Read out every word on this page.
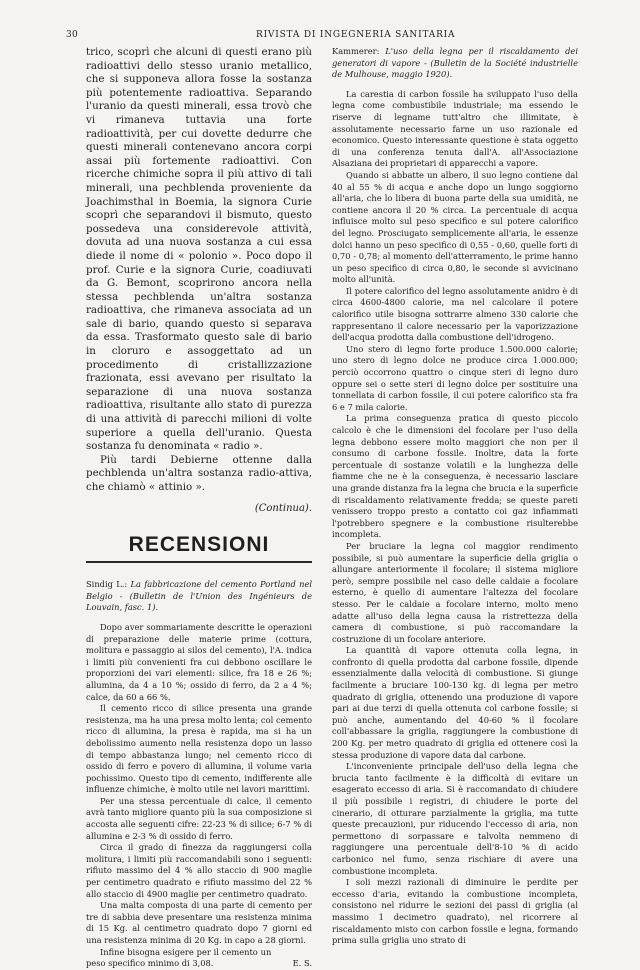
30	RIVISTA DI INGEGNERIA SANITARIA

trico, scoprì che alcuni di questi erano più radioattivi dello stesso uranio metallico, che si supponeva allora fosse la sostanza più potentemente radioattiva. Separando l'uranio da questi minerali, essa trovò che vi rimaneva tuttavia una forte radioattività, per cui dovette dedurre che questi minerali contenevano ancora corpi assai più fortemente radioattivi. Con ricerche chimiche sopra il più attivo di tali minerali, una pechblenda proveniente da Joachimsthal in Boemia, la signora Curie scoprì che separandovi il bismuto, questo possedeva una considerevole attività, dovuta ad una nuova sostanza a cui essa diede il nome di « polonio ». Poco dopo il prof. Curie e la signora Curie, coadiuvati da G. Bemont, scoprirono ancora nella stessa pechblenda un'altra sostanza radioattiva, che rimaneva associata ad un sale di bario, quando questo si separava da essa. Trasformato questo sale di bario in cloruro e assoggettato ad un procedimento di cristallizzazione frazionata, essi avevano per risultato la separazione di una nuova sostanza radioattiva, risultante allo stato di purezza di una attività di parecchi milioni di volte superiore a quella dell'uranio. Questa sostanza fu denominata « radio ».

Più tardi Debierne ottenne dalla pechblenda un'altra sostanza radio-attiva, che chiamò « attinio ».

(Continua).
RECENSIONI

Sindig L.: La fabbricazione del cemento Portland nel Belgio - (Bulletin de l'Union des Ingénieurs de Louvain, fasc. 1).

Dopo aver sommariamente descritte le operazioni di preparazione delle materie prime (cottura, molitura e passaggio ai silos del cemento), l'A. indica i limiti più convenienti fra cui debbono oscillare le proporzioni dei vari elementi: silice, fra 18 e 26 %; allumina, da 4 a 10 %; ossido di ferro, da 2 a 4 %; calce, da 60 a 66 %.

Il cemento ricco di silice presenta una grande resistenza, ma ha una presa molto lenta; col cemento ricco di allumina, la presa è rapida, ma si ha un debolissimo aumento nella resistenza dopo un lasso di tempo abbastanza lungo; nel cemento ricco di ossido di ferro e povero di allumina, il volume varia pochissimo. Questo tipo di cemento, indifferente alle influenze chimiche, è molto utile nei lavori marittimi.

Per una stessa percentuale di calce, il cemento avrà tanto migliore quanto più la sua composizione si accosta alle seguenti cifre: 22-23 % di silice; 6-7 % di allumina e 2-3 % di ossido di ferro.

Circa il grado di finezza da raggiungersi colla molitura, i limiti più raccomandabili sono i seguenti: rifiuto massimo del 4 % allo staccio di 900 maglie per centimetro quadrato e rifiuto massimo del 22 % allo staccio di 4900 maglie per centimetro quadrato.

Una malta composta di una parte di cemento per tre di sabbia deve presentare una resistenza minima di 15 Kg. al centimetro quadrato dopo 7 giorni ed una resistenza minima di 20 Kg. in capo a 28 giorni.

Infine bisogna esigere per il cemento un peso specifico minimo di 3,08.	E. S.

Kammerer: L'uso della legna per il riscaldamento dei generatori di vapore - (Bulletin de la Société industrielle de Mulhouse, maggio 1920).

La carestia di carbon fossile ha sviluppato l'uso della legna come combustibile industriale; ma essendo le riserve di legname tutt'altro che illimitate, è assolutamente necessario farne un uso razionale ed economico. Questo interessante questione è stata oggetto di una conferenza tenuta dall'A. all'Associazione Alsaziana dei proprietari di apparecchi a vapore.

Quando si abbatte un albero, il suo legno contiene dal 40 al 55 % di acqua e anche dopo un lungo soggiorno all'aria, che lo libera di buona parte della sua umidità, ne contiene ancora il 20 % circa. La percentuale di acqua influisce molto sul peso specifico e sul potere calorifico del legno. Prosciugato semplicemente all'aria, le essenze dolci hanno un peso specifico di 0,55 - 0,60, quelle forti di 0,70 - 0,78; al momento dell'atterramento, le prime hanno un peso specifico di circa 0,80, le seconde si avvicinano molto all'unità.

Il potere calorifico del legno assolutamente anidro è di circa 4600-4800 calorie, ma nel calcolare il potere calorifico utile bisogna sottrarre almeno 330 calorie che rappresentano il calore necessario per la vaporizzazione dell'acqua prodotta dalla combustione dell'idrogeno.

Uno stero di legno forte produce 1.500.000 calorie; uno stero di legno dolce ne produce circa 1.000.000; perciò occorrono quattro o cinque steri di legno duro oppure sei o sette steri di legno dolce per sostituire una tonnellata di carbon fossile, il cui potere calorifico sta fra 6 e 7 mila calorie.

La prima conseguenza pratica di questo piccolo calcolo è che le dimensioni del focolare per l'uso della legna debbono essere molto maggiori che non per il consumo di carbone fossile. Inoltre, data la forte percentuale di sostanze volatili e la lunghezza delle fiamme che ne è la conseguenza, è necessario lasciare una grande distanza fra la legna che brucia e la superficie di riscaldamento relativamente fredda; se queste pareti venissero troppo presto a contatto coi gaz infiammati l'potrebbero spegnere e la combustione risulterebbe incompleta.

Per bruciare la legna col maggior rendimento possibile, si può aumentare la superficie della griglia o allungare anteriormente il focolare; il sistema migliore però, sempre possibile nel caso delle caldaie a focolare esterno, è quello di aumentare l'altezza del focolare stesso. Per le caldaie a focolare interno, molto meno adatte all'uso della legna causa la ristrettezza della camera di combustione, si può raccomandare la costruzione di un focolare anteriore.

La quantità di vapore ottenuta colla legna, in confronto di quella prodotta dal carbone fossile, dipende essenzialmente dalla velocità di combustione. Si giunge facilmente a bruciare 100-130 kg. di legna per metro quadrato di griglia, ottenendo una produzione di vapore pari ai due terzi di quella ottenuta col carbone fossile; si può anche, aumentando del 40-60 % il focolare coll'abbassare la griglia, raggiungere la combustione di 200 Kg. per metro quadrato di griglia ed ottenere così la stessa produzione di vapore data dal carbone.

L'inconveniente principale dell'uso della legna che brucia tanto facilmente è la difficoltà di evitare un esagerato eccesso di aria. Si è raccomandato di chiudere il più possibile i registri, di chiudere le porte del cinerario, di otturare parzialmente la griglia, ma tutte queste precauzioni, pur riducendo l'eccesso di aria, non permettono di sorpassare e talvolta nemmeno di raggiungere una percentuale dell'8-10 % di acido carbonico nel fumo, senza rischiare di avere una combustione incompleta.

I soli mezzi razionali di diminuire le perdite per eccesso d'aria, evitando la combustione incompleta, consistono nel ridurre le sezioni dei passi di griglia (al massimo 1 decimetro quadrato), nel ricorrere al riscaldamento misto con carbon fossile e legna, formando prima sulla griglia uno strato di
